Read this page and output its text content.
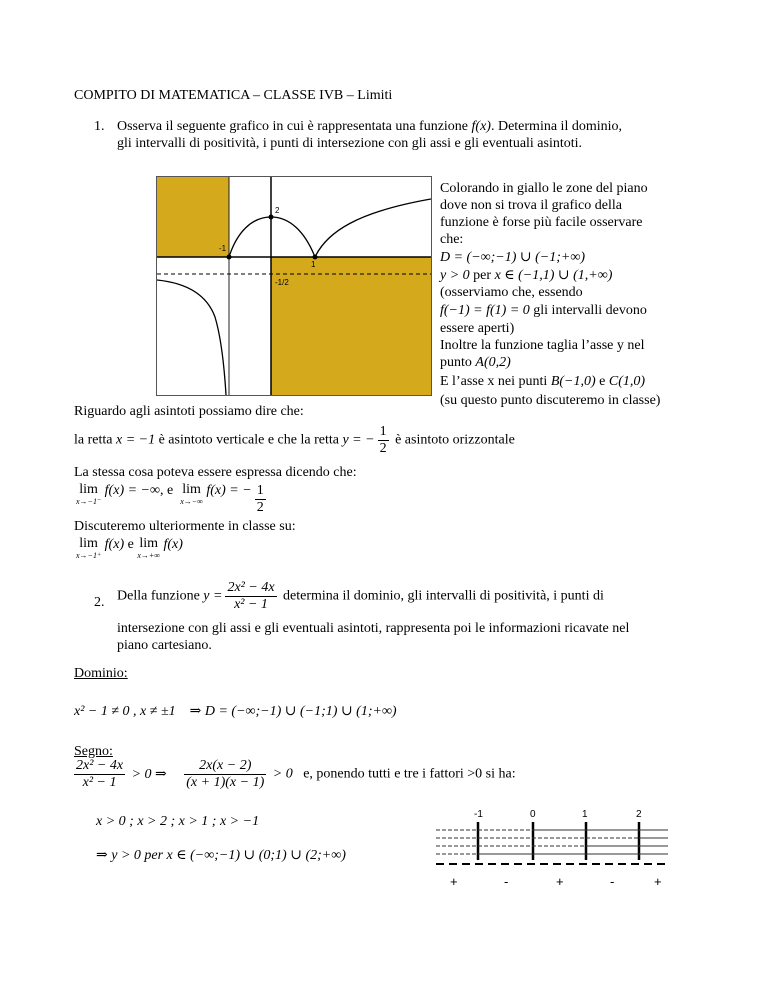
COMPITO DI MATEMATICA – CLASSE IVB – Limiti
1. Osserva il seguente grafico in cui è rappresentata una funzione f(x). Determina il dominio,
gli intervalli di positività, i punti di intersezione con gli assi e gli eventuali asintoti.
2
-1
1
-1/2
Colorando in giallo le zone del piano
dove non si trova il grafico della
funzione è forse più facile osservare
che:
D = (−∞;−1) ∪ (−1;+∞)
y > 0 per x ∈ (−1,1) ∪ (1,+∞)
(osserviamo che, essendo
f(−1) = f(1) = 0 gli intervalli devono
essere aperti)
Inoltre la funzione taglia l’asse y nel
punto A(0,2)
E l’asse x nei punti B(−1,0) e C(1,0)
(su questo punto discuteremo in classe)
Riguardo agli asintoti possiamo dire che:
la retta x = −1 è asintoto verticale e che la retta y = − $\frac{1}{2}$ è asintoto orizzontale
La stessa cosa poteva essere espressa dicendo che:
lim
x→−1⁻
f(x) = −∞, e lim
x→−∞
f(x) = − $\frac{1}{2}$
Discuteremo ulteriormente in classe su:
lim
x→−1⁺
f(x) e lim
x→+∞
f(x)
2. Della funzione $y = \frac{\text{2x² − 4x}}{\text{x² − 1}}$ determina il dominio, gli intervalli di positività, i punti di
intersezione con gli assi e gli eventuali asintoti, rappresenta poi le informazioni ricavate nel
piano cartesiano.
Dominio:
x² − 1 ≠ 0 , x ≠ ±1 ⇒ D = (−∞;−1) ∪ (−1;1) ∪ (1;+∞)
Segno:
$\frac{\text{2x² − 4x}}{\text{x² − 1}} > 0$ ⇒ $\frac{2x(x - 2)}{(x + 1)(x - 1)} > 0$ e, ponendo tutti e tre i fattori >0 si ha:
x > 0 ; x > 2 ; x > 1 ; x > −1
⇒ y > 0 per x ∈ (−∞;−1) ∪ (0;1) ∪ (2;+∞)
-1	0	1	2
+	-	+	-	+
